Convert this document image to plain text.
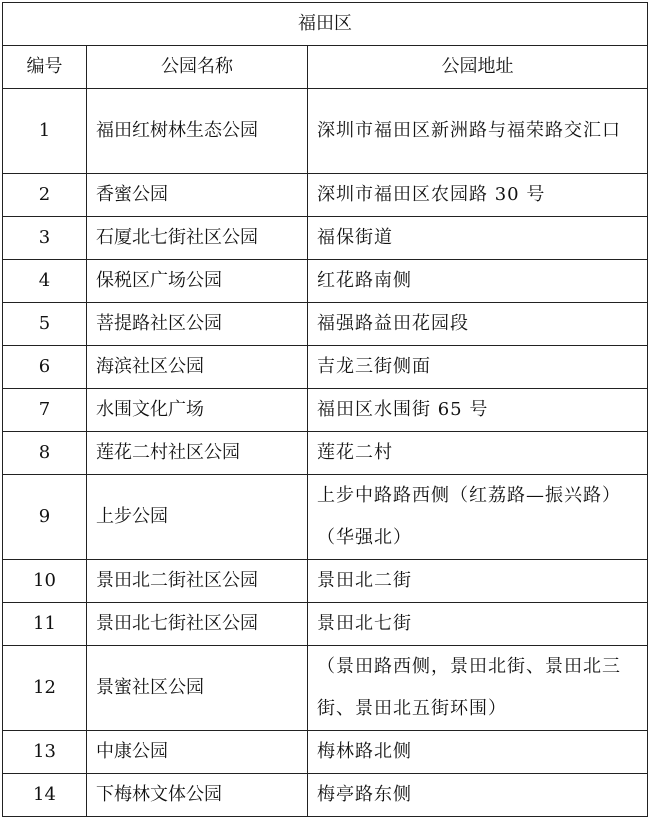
福田区		
编号	公园名称	公园地址
1	福田红树林生态公园	深圳市福田区新洲路与福荣路交汇口
2	香蜜公园	深圳市福田区农园路 30 号
3	石厦北七街社区公园	福保街道
4	保税区广场公园	红花路南侧
5	菩提路社区公园	福强路益田花园段
6	海滨社区公园	吉龙三街侧面
7	水围文化广场	福田区水围街 65 号
8	莲花二村社区公园	莲花二村
9	上步公园	上步中路路西侧（红荔路—振兴路）（华强北）
10	景田北二街社区公园	景田北二街
11	景田北七街社区公园	景田北七街
12	景蜜社区公园	（景田路西侧，景田北街、景田北三街、景田北五街环围）
13	中康公园	梅林路北侧
14	下梅林文体公园	梅亭路东侧
